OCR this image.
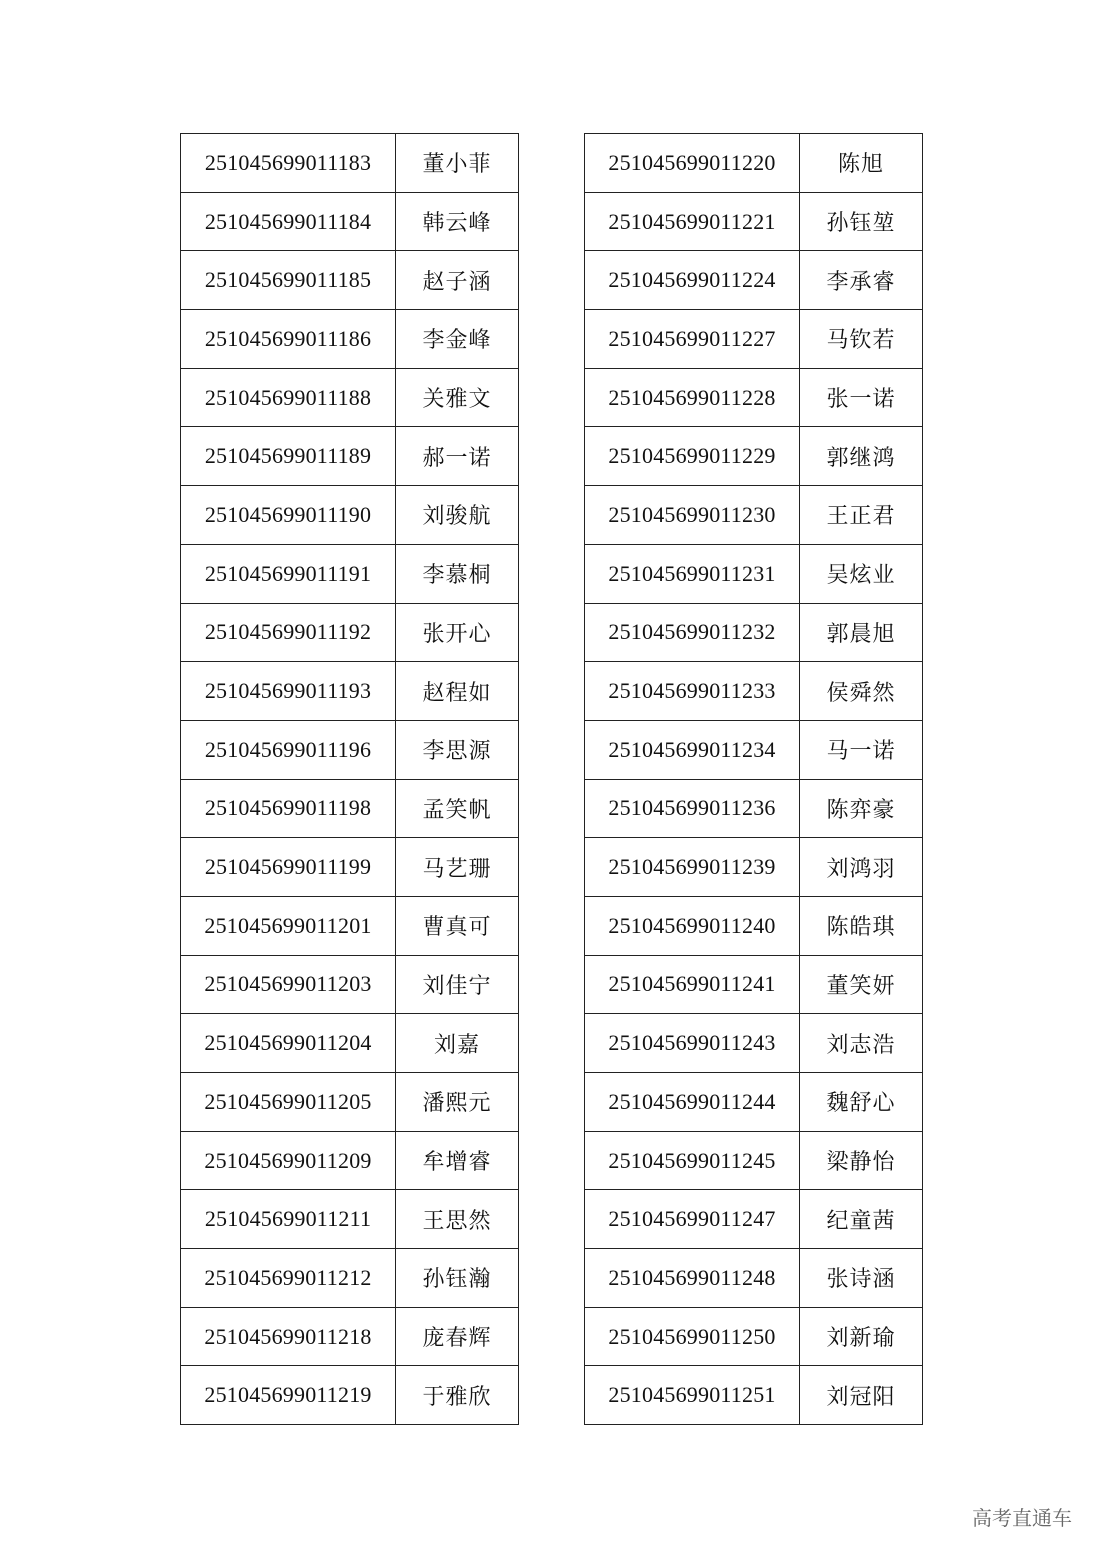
251045699011183	董小菲
251045699011184	韩云峰
251045699011185	赵子涵
251045699011186	李金峰
251045699011188	关雅文
251045699011189	郝一诺
251045699011190	刘骏航
251045699011191	李慕桐
251045699011192	张开心
251045699011193	赵程如
251045699011196	李思源
251045699011198	孟笑帆
251045699011199	马艺珊
251045699011201	曹真可
251045699011203	刘佳宁
251045699011204	刘嘉
251045699011205	潘熙元
251045699011209	牟增睿
251045699011211	王思然
251045699011212	孙钰瀚
251045699011218	庞春辉
251045699011219	于雅欣
251045699011220	陈旭
251045699011221	孙钰堃
251045699011224	李承睿
251045699011227	马钦若
251045699011228	张一诺
251045699011229	郭继鸿
251045699011230	王正君
251045699011231	吴炫业
251045699011232	郭晨旭
251045699011233	侯舜然
251045699011234	马一诺
251045699011236	陈弈豪
251045699011239	刘鸿羽
251045699011240	陈皓琪
251045699011241	董笑妍
251045699011243	刘志浩
251045699011244	魏舒心
251045699011245	梁静怡
251045699011247	纪童茜
251045699011248	张诗涵
251045699011250	刘新瑜
251045699011251	刘冠阳
高考直通车
